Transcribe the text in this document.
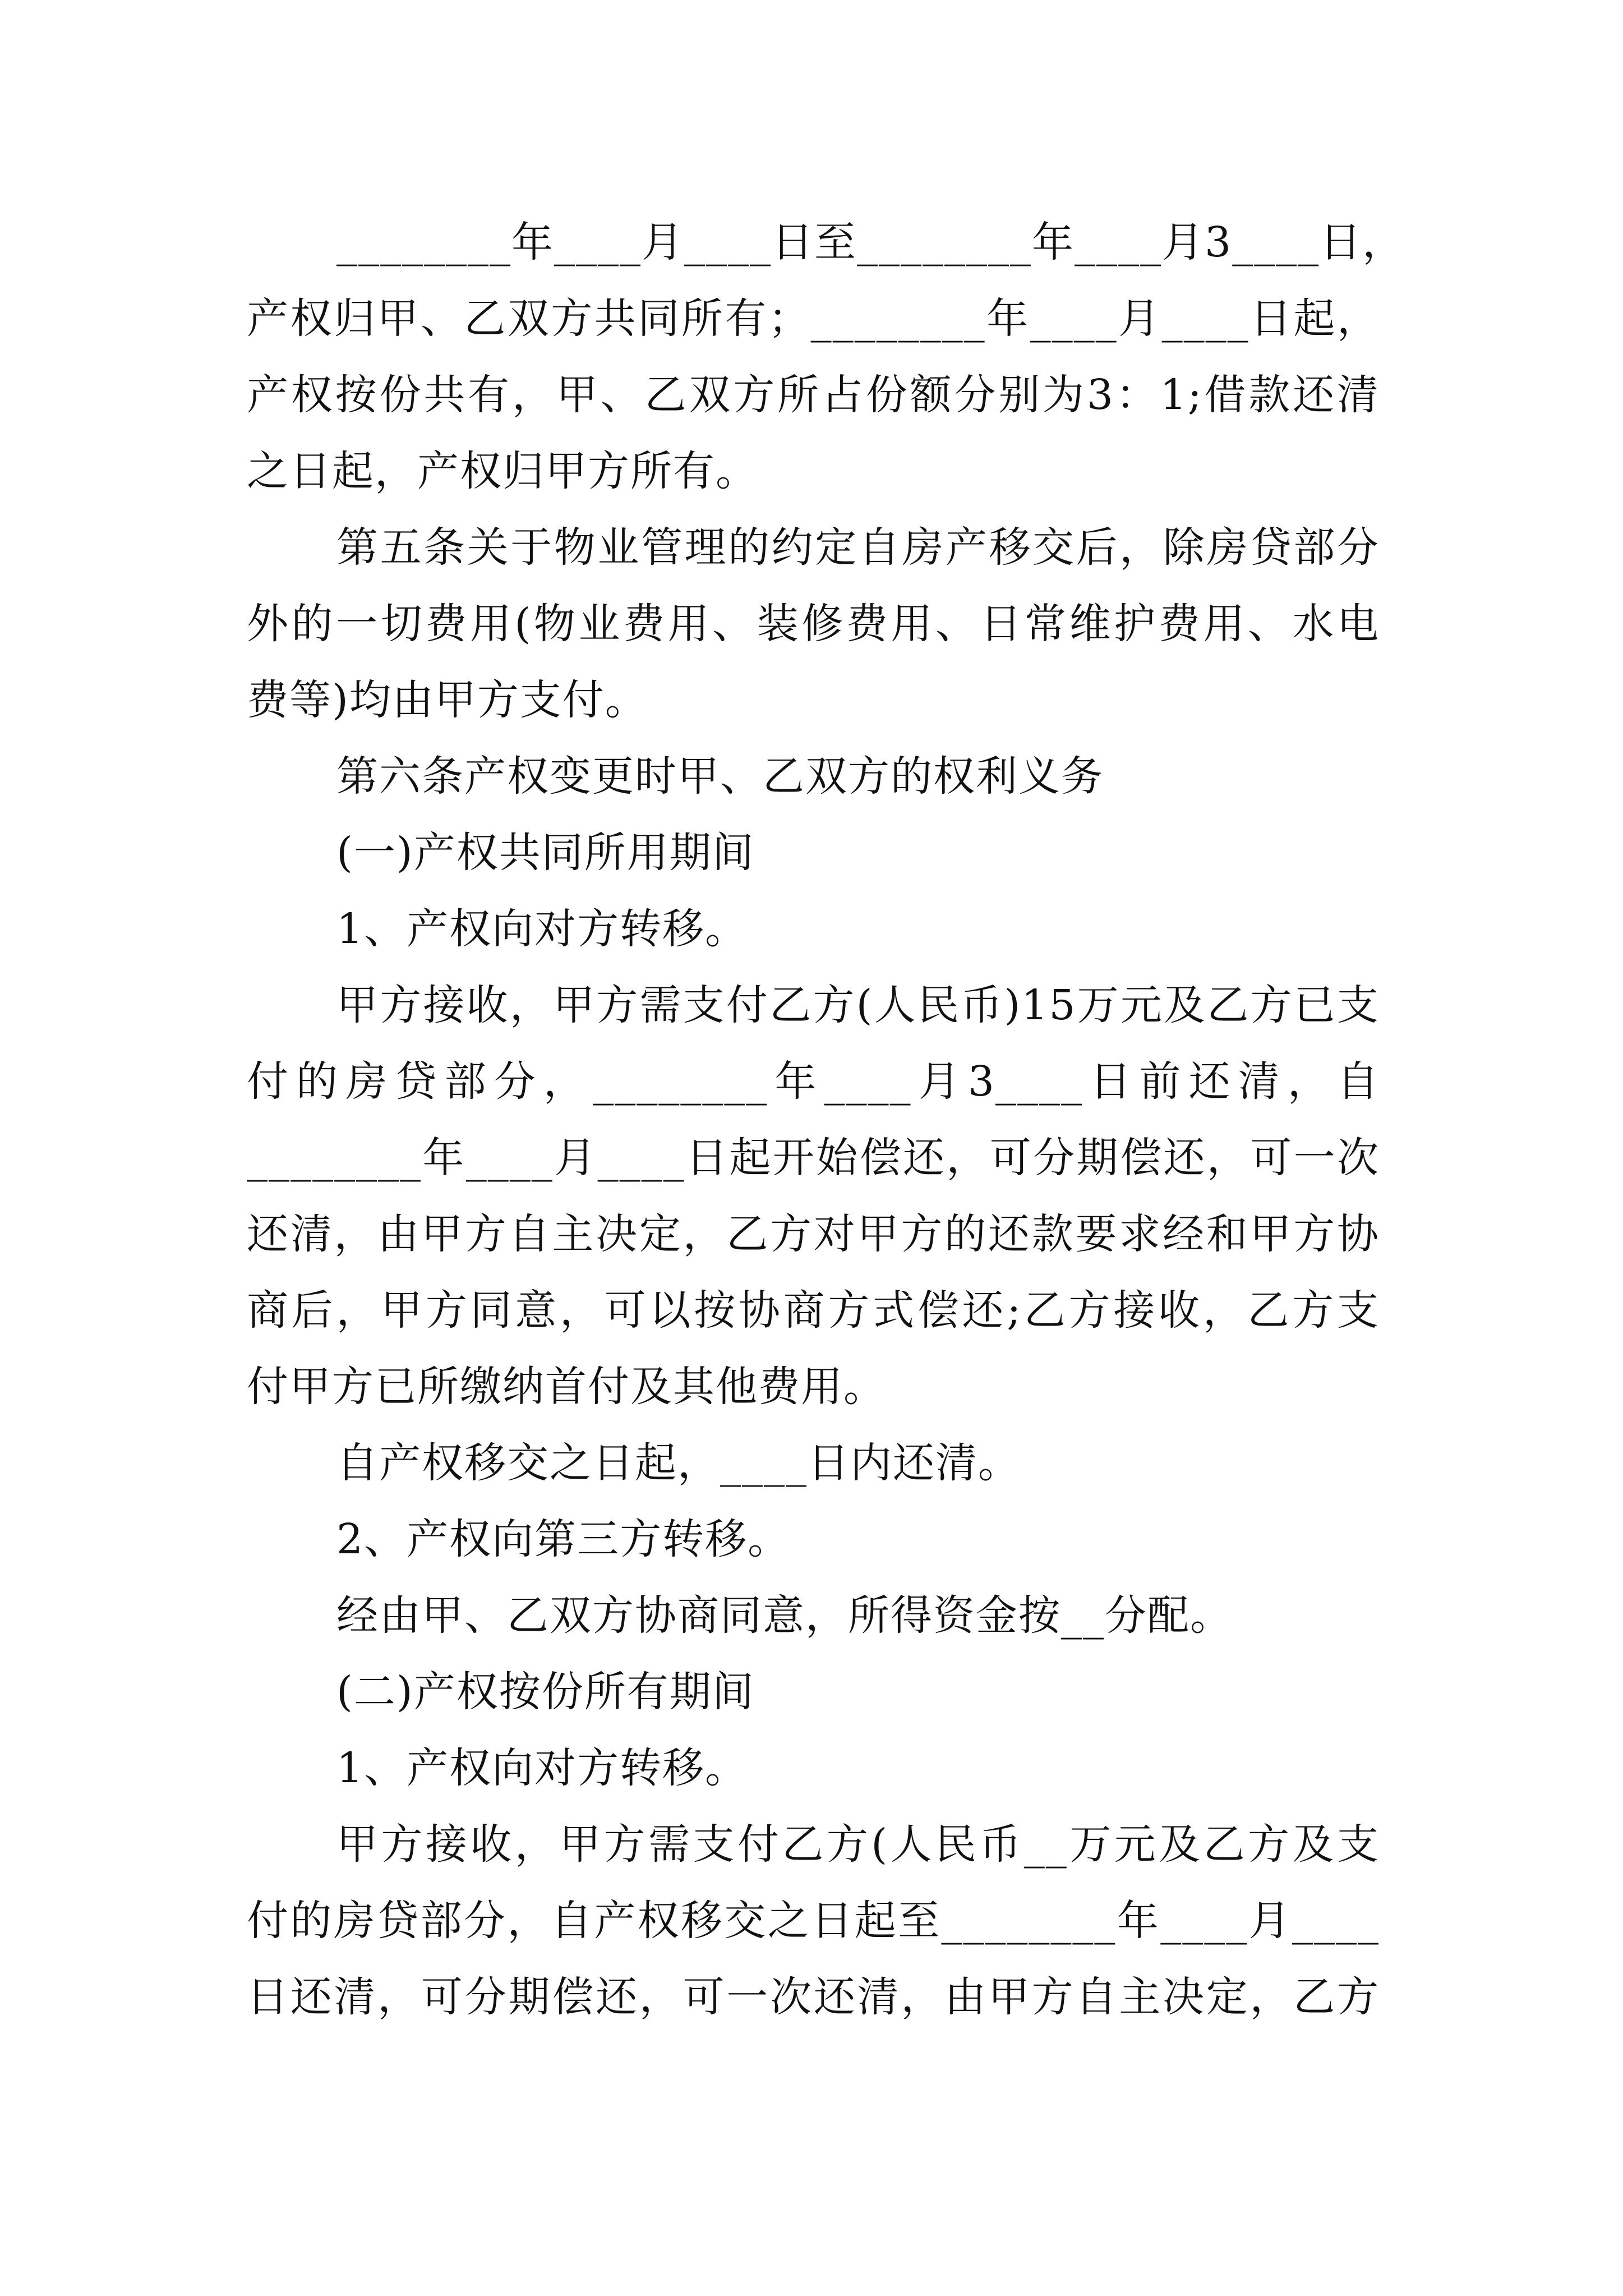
________年____月____日至________年____月3____日，
产权归甲、乙双方共同所有；________年____月____日起，
产权按份共有，甲、乙双方所占份额分别为3：1;借款还清
之日起，产权归甲方所有。
第五条关于物业管理的约定自房产移交后，除房贷部分
外的一切费用(物业费用、装修费用、日常维护费用、水电
费等)均由甲方支付。
第六条产权变更时甲、乙双方的权利义务
(一)产权共同所用期间
1、产权向对方转移。
甲方接收，甲方需支付乙方(人民币)15万元及乙方已支
付的房贷部分，________年____月3____日前还清，自
________年____月____日起开始偿还，可分期偿还，可一次
还清，由甲方自主决定，乙方对甲方的还款要求经和甲方协
商后，甲方同意，可以按协商方式偿还;乙方接收，乙方支
付甲方已所缴纳首付及其他费用。
自产权移交之日起，____日内还清。
2、产权向第三方转移。
经由甲、乙双方协商同意，所得资金按__分配。
(二)产权按份所有期间
1、产权向对方转移。
甲方接收，甲方需支付乙方(人民币__万元及乙方及支
付的房贷部分，自产权移交之日起至________年____月____
日还清，可分期偿还，可一次还清，由甲方自主决定，乙方
